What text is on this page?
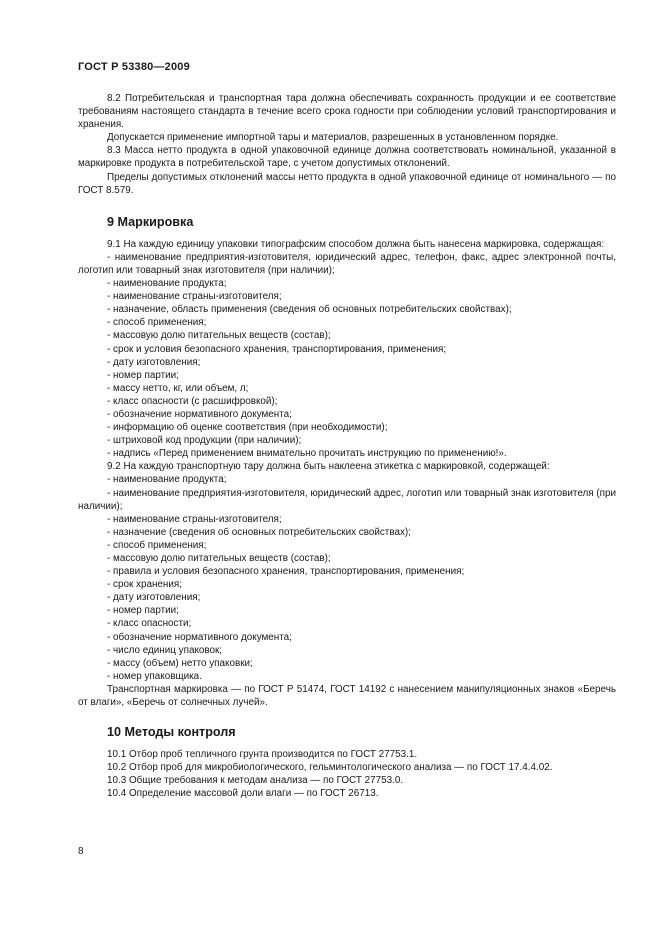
ГОСТ Р 53380—2009

8.2 Потребительская и транспортная тара должна обеспечивать сохранность продукции и ее соответствие требованиям настоящего стандарта в течение всего срока годности при соблюдении условий транспортирования и хранения.

Допускается применение импортной тары и материалов, разрешенных в установленном порядке.

8.3 Масса нетто продукта в одной упаковочной единице должна соответствовать номинальной, указанной в маркировке продукта в потребительской таре, с учетом допустимых отклонений.

Пределы допустимых отклонений массы нетто продукта в одной упаковочной единице от номинального — по ГОСТ 8.579.

9 Маркировка

9.1 На каждую единицу упаковки типографским способом должна быть нанесена маркировка, содержащая:

- наименование предприятия-изготовителя, юридический адрес, телефон, факс, адрес электронной почты, логотип или товарный знак изготовителя (при наличии);

- наименование продукта;

- наименование страны-изготовителя;

- назначение, область применения (сведения об основных потребительских свойствах);

- способ применения;

- массовую долю питательных веществ (состав);

- срок и условия безопасного хранения, транспортирования, применения;

- дату изготовления;

- номер партии;

- массу нетто, кг, или объем, л;

- класс опасности (с расшифровкой);

- обозначение нормативного документа;

- информацию об оценке соответствия (при необходимости);

- штриховой код продукции (при наличии);

- надпись «Перед применением внимательно прочитать инструкцию по применению!».

9.2 На каждую транспортную тару должна быть наклеена этикетка с маркировкой, содержащей:

- наименование продукта;

- наименование предприятия-изготовителя, юридический адрес, логотип или товарный знак изготовителя (при наличии);

- наименование страны-изготовителя;

- назначение (сведения об основных потребительских свойствах);

- способ применения;

- массовую долю питательных веществ (состав);

- правила и условия безопасного хранения, транспортирования, применения;

- срок хранения;

- дату изготовления;

- номер партии;

- класс опасности;

- обозначение нормативного документа;

- число единиц упаковок;

- массу (объем) нетто упаковки;

- номер упаковщика.

Транспортная маркировка — по ГОСТ Р 51474, ГОСТ 14192 с нанесением манипуляционных знаков «Беречь от влаги», «Беречь от солнечных лучей».

10 Методы контроля

10.1 Отбор проб тепличного грунта производится по ГОСТ 27753.1.

10.2 Отбор проб для микробиологического, гельминтологического анализа — по ГОСТ 17.4.4.02.

10.3 Общие требования к методам анализа — по ГОСТ 27753.0.

10.4 Определение массовой доли влаги — по ГОСТ 26713.

8
